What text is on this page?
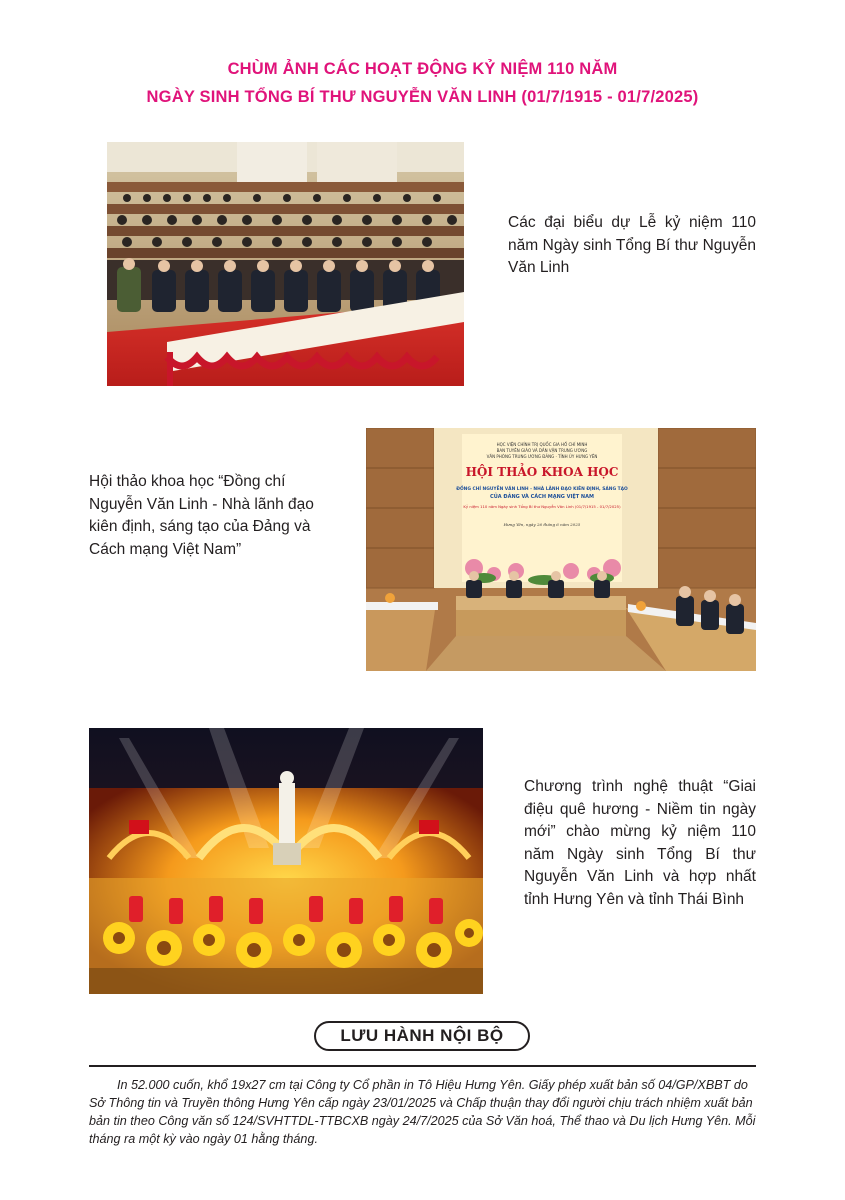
CHÙM ẢNH CÁC HOẠT ĐỘNG KỶ NIỆM 110 NĂM
NGÀY SINH TỔNG BÍ THƯ NGUYỄN VĂN LINH (01/7/1915 - 01/7/2025)
Các đại biểu dự Lễ kỷ niệm 110 năm Ngày sinh Tổng Bí thư Nguyễn Văn Linh
HỌC VIỆN CHÍNH TRỊ QUỐC GIA HỒ CHÍ MINH
BAN TUYÊN GIÁO VÀ DÂN VẬN TRUNG ƯƠNG
VĂN PHÒNG TRUNG ƯƠNG ĐẢNG · TỈNH ỦY HƯNG YÊN
HỘI THẢO KHOA HỌC
ĐỒNG CHÍ NGUYỄN VĂN LINH - NHÀ LÃNH ĐẠO KIÊN ĐỊNH, SÁNG TẠO
CỦA ĐẢNG VÀ CÁCH MẠNG VIỆT NAM
Kỷ niệm 110 năm Ngày sinh Tổng Bí thư Nguyễn Văn Linh (01/7/1915 - 01/7/2025)
Hưng Yên, ngày 26 tháng 6 năm 2025
Hội thảo khoa học “Đồng chí Nguyễn Văn Linh - Nhà lãnh đạo kiên định, sáng tạo của Đảng và Cách mạng Việt Nam”
Chương trình nghệ thuật “Giai điệu quê hương - Niềm tin ngày mới” chào mừng kỷ niệm 110 năm Ngày sinh Tổng Bí thư Nguyễn Văn Linh và hợp nhất tỉnh Hưng Yên và tỉnh Thái Bình
LƯU HÀNH NỘI BỘ
In 52.000 cuốn, khổ 19x27 cm tại Công ty Cổ phần in Tô Hiệu Hưng Yên. Giấy phép xuất bản số 04/GP/XBBT do Sở Thông tin và Truyền thông Hưng Yên cấp ngày 23/01/2025 và Chấp thuận thay đổi người chịu trách nhiệm xuất bản bản tin theo Công văn số 124/SVHTTDL-TTBCXB ngày 24/7/2025 của Sở Văn hoá, Thể thao và Du lịch Hưng Yên. Mỗi tháng ra một kỳ vào ngày 01 hằng tháng.
